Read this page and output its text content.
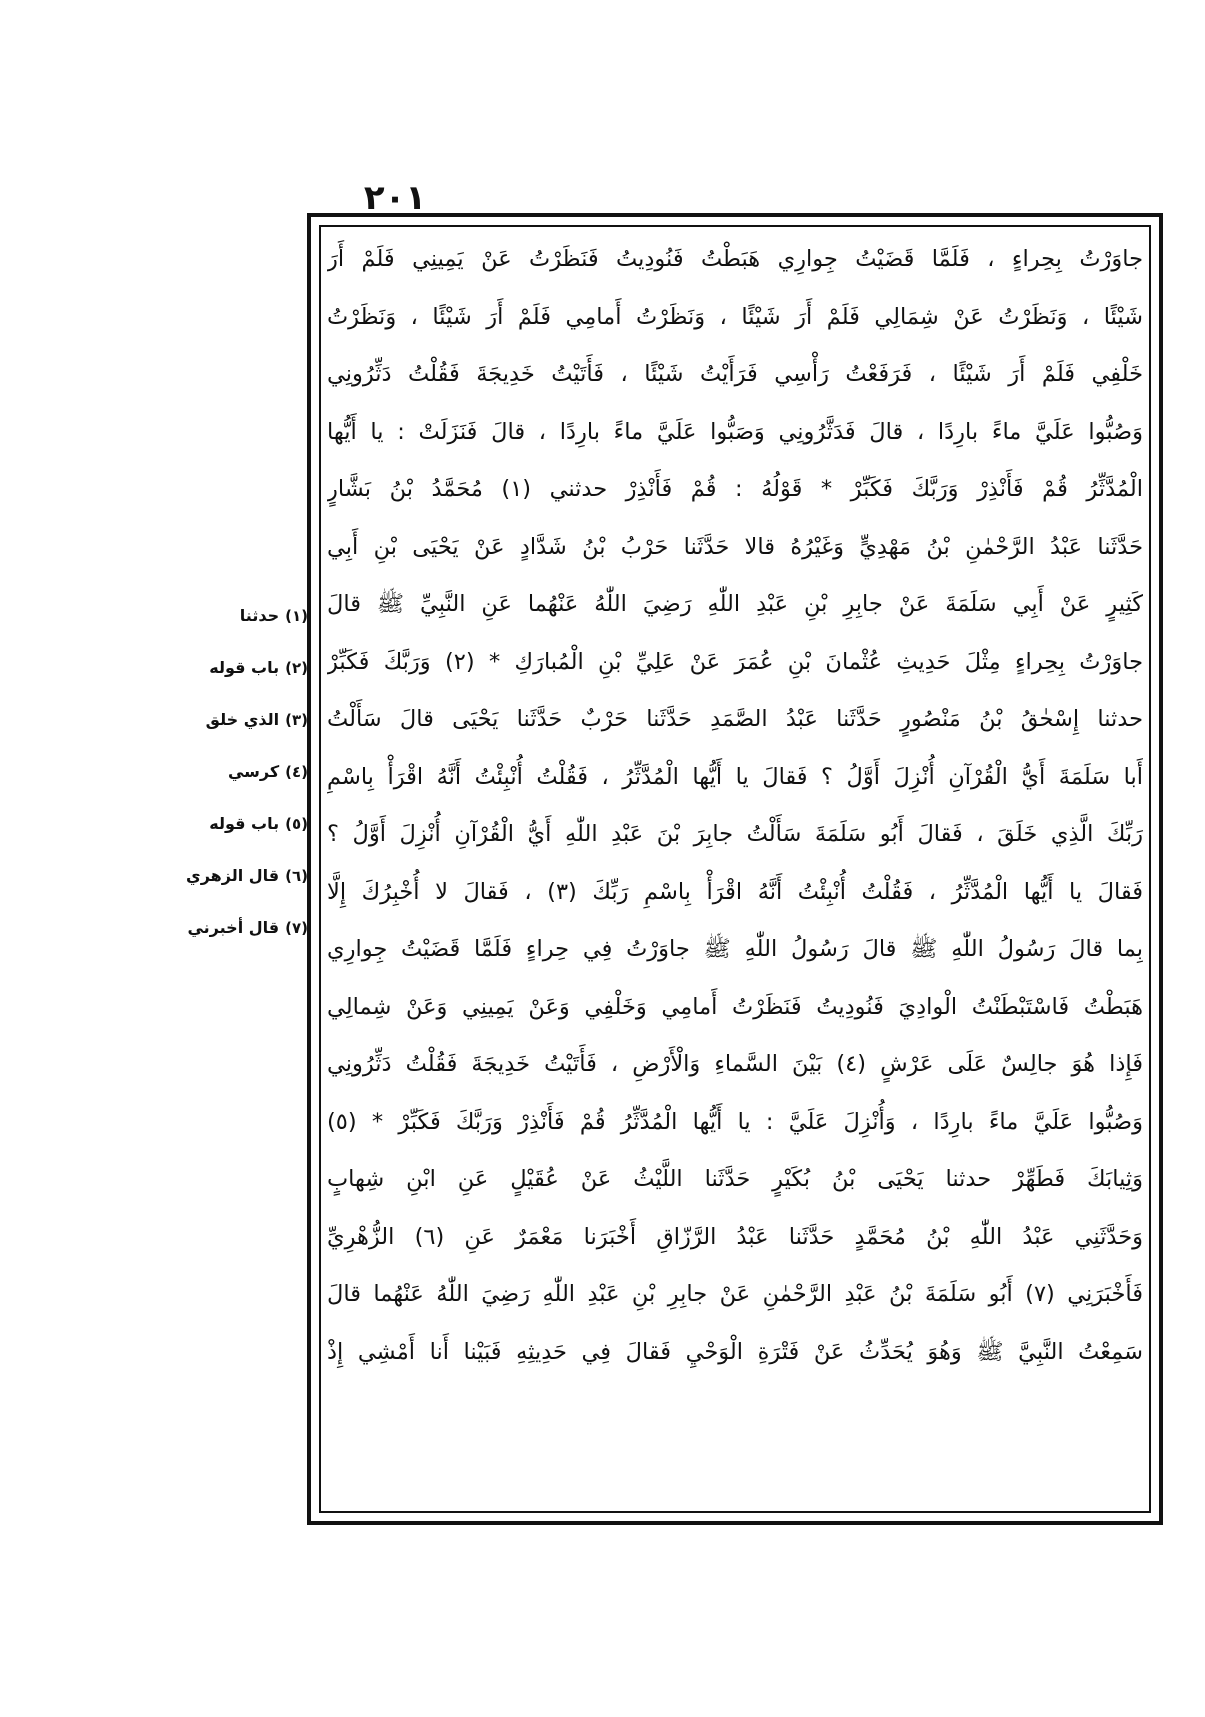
٢٠١
جاوَرْتُ بِحِراءٍ ، فَلَمَّا قَضَيْتُ جِوارِي هَبَطْتُ فَنُودِيتُ فَنَظَرْتُ عَنْ يَمِينِي فَلَمْ أَرَ
شَيْئًا ، وَنَظَرْتُ عَنْ شِمَالِي فَلَمْ أَرَ شَيْئًا ، وَنَظَرْتُ أَمامِي فَلَمْ أَرَ شَيْئًا ، وَنَظَرْتُ
خَلْفِي فَلَمْ أَرَ شَيْئًا ، فَرَفَعْتُ رَأْسِي فَرَأَيْتُ شَيْئًا ، فَأَتَيْتُ خَدِيجَةَ فَقُلْتُ دَثِّرُونِي
وَصُبُّوا عَلَيَّ ماءً بارِدًا ، قالَ فَدَثَّرُونِي وَصَبُّوا عَلَيَّ ماءً بارِدًا ، قالَ فَنَزَلَتْ : يا أَيُّها
الْمُدَّثِّرُ قُمْ فَأَنْذِرْ وَرَبَّكَ فَكَبِّرْ * قَوْلُهُ : قُمْ فَأَنْذِرْ حدثني (١) مُحَمَّدُ بْنُ بَشَّارٍ
حَدَّثَنا عَبْدُ الرَّحْمٰنِ بْنُ مَهْدِيٍّ وَغَيْرُهُ قالا حَدَّثَنا حَرْبُ بْنُ شَدَّادٍ عَنْ يَحْيَى بْنِ أَبِي
كَثِيرٍ عَنْ أَبِي سَلَمَةَ عَنْ جابِرِ بْنِ عَبْدِ اللّٰهِ رَضِيَ اللّٰهُ عَنْهُما عَنِ النَّبِيِّ ﷺ قالَ
جاوَرْتُ بِحِراءٍ مِثْلَ حَدِيثِ عُثْمانَ بْنِ عُمَرَ عَنْ عَلِيِّ بْنِ الْمُبارَكِ * (٢) وَرَبَّكَ فَكَبِّرْ
حدثنا إِسْحٰقُ بْنُ مَنْصُورٍ حَدَّثَنا عَبْدُ الصَّمَدِ حَدَّثَنا حَرْبٌ حَدَّثَنا يَحْيَى قالَ سَأَلْتُ
أَبا سَلَمَةَ أَيُّ الْقُرْآنِ أُنْزِلَ أَوَّلُ ؟ فَقالَ يا أَيُّها الْمُدَّثِّرُ ، فَقُلْتُ أُنْبِئْتُ أَنَّهُ اقْرَأْ بِاسْمِ
رَبِّكَ الَّذِي خَلَقَ ، فَقالَ أَبُو سَلَمَةَ سَأَلْتُ جابِرَ بْنَ عَبْدِ اللّٰهِ أَيُّ الْقُرْآنِ أُنْزِلَ أَوَّلُ ؟
فَقالَ يا أَيُّها الْمُدَّثِّرُ ، فَقُلْتُ أُنْبِئْتُ أَنَّهُ اقْرَأْ بِاسْمِ رَبِّكَ (٣) ، فَقالَ لا أُخْبِرُكَ إِلَّا
بِما قالَ رَسُولُ اللّٰهِ ﷺ قالَ رَسُولُ اللّٰهِ ﷺ جاوَرْتُ فِي حِراءٍ فَلَمَّا قَضَيْتُ جِوارِي
هَبَطْتُ فَاسْتَبْطَنْتُ الْوادِيَ فَنُودِيتُ فَنَظَرْتُ أَمامِي وَخَلْفِي وَعَنْ يَمِينِي وَعَنْ شِمالِي
فَإِذا هُوَ جالِسٌ عَلَى عَرْشٍ (٤) بَيْنَ السَّماءِ وَالْأَرْضِ ، فَأَتَيْتُ خَدِيجَةَ فَقُلْتُ دَثِّرُونِي
وَصُبُّوا عَلَيَّ ماءً بارِدًا ، وَأُنْزِلَ عَلَيَّ : يا أَيُّها الْمُدَّثِّرُ قُمْ فَأَنْذِرْ وَرَبَّكَ فَكَبِّرْ * (٥)
وَثِيابَكَ فَطَهِّرْ حدثنا يَحْيَى بْنُ بُكَيْرٍ حَدَّثَنا اللَّيْثُ عَنْ عُقَيْلٍ عَنِ ابْنِ شِهابٍ
وَحَدَّثَنِي عَبْدُ اللّٰهِ بْنُ مُحَمَّدٍ حَدَّثَنا عَبْدُ الرَّزّاقِ أَخْبَرَنا مَعْمَرٌ عَنِ (٦) الزُّهْرِيِّ
فَأَخْبَرَنِي (٧) أَبُو سَلَمَةَ بْنُ عَبْدِ الرَّحْمٰنِ عَنْ جابِرِ بْنِ عَبْدِ اللّٰهِ رَضِيَ اللّٰهُ عَنْهُما قالَ
سَمِعْتُ النَّبِيَّ ﷺ وَهُوَ يُحَدِّثُ عَنْ فَتْرَةِ الْوَحْيِ فَقالَ فِي حَدِيثِهِ فَبَيْنا أَنا أَمْشِي إِذْ
(١)حدثنا
(٢)باب قوله
(٣)الذي خلق
(٤)كرسي
(٥)باب قوله
(٦)قال الزهري
(٧)قال أخبرني
